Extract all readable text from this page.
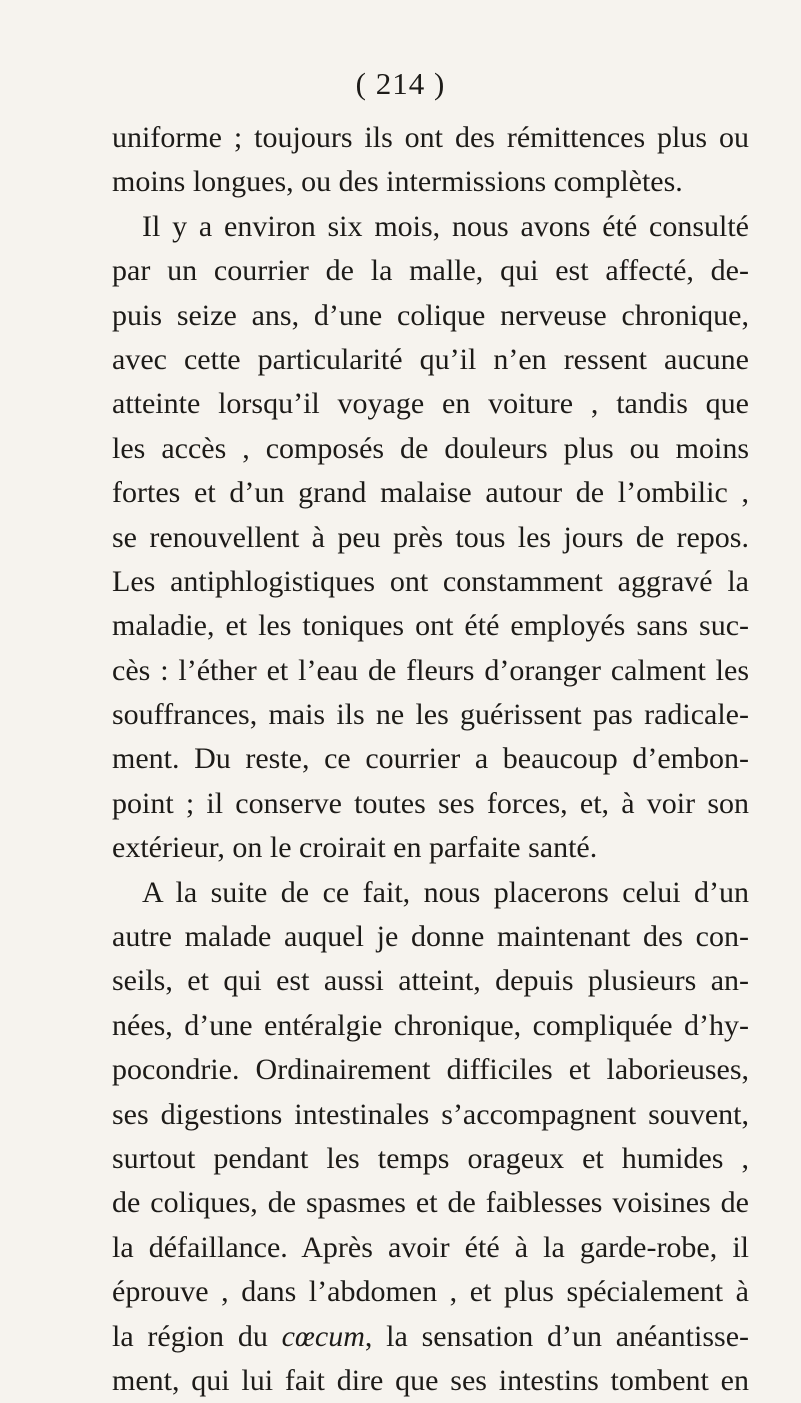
( 214 )
uniforme ; toujours ils ont des rémittences plus ou
moins longues, ou des intermissions complètes.
Il y a environ six mois, nous avons été consulté
par un courrier de la malle, qui est affecté, de-
puis seize ans, d’une colique nerveuse chronique,
avec cette particularité qu’il n’en ressent aucune
atteinte lorsqu’il voyage en voiture , tandis que
les accès , composés de douleurs plus ou moins
fortes et d’un grand malaise autour de l’ombilic ,
se renouvellent à peu près tous les jours de repos.
Les antiphlogistiques ont constamment aggravé la
maladie, et les toniques ont été employés sans suc-
cès : l’éther et l’eau de fleurs d’oranger calment les
souffrances, mais ils ne les guérissent pas radicale-
ment. Du reste, ce courrier a beaucoup d’embon-
point ; il conserve toutes ses forces, et, à voir son
extérieur, on le croirait en parfaite santé.
A la suite de ce fait, nous placerons celui d’un
autre malade auquel je donne maintenant des con-
seils, et qui est aussi atteint, depuis plusieurs an-
nées, d’une entéralgie chronique, compliquée d’hy-
pocondrie. Ordinairement difficiles et laborieuses,
ses digestions intestinales s’accompagnent souvent,
surtout pendant les temps orageux et humides ,
de coliques, de spasmes et de faiblesses voisines de
la défaillance. Après avoir été à la garde-robe, il
éprouve , dans l’abdomen , et plus spécialement à
la région du cœcum, la sensation d’un anéantisse-
ment, qui lui fait dire que ses intestins tombent en
